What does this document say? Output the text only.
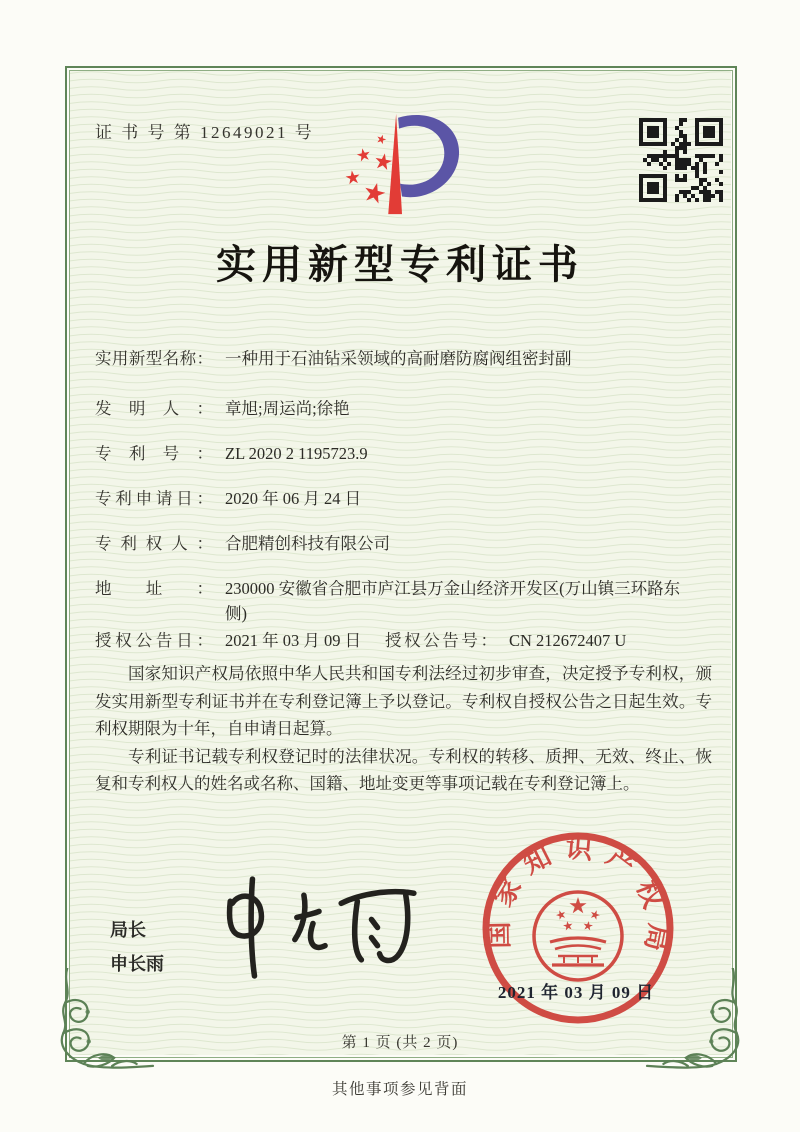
证 书 号 第 12649021 号
实用新型专利证书
实用新型名称： 一种用于石油钻采领域的高耐磨防腐阀组密封副
发明人： 章旭;周运尚;徐艳
专利号： ZL 2020 2 1195723.9
专利申请日： 2020 年 06 月 24 日
专利权人： 合肥精创科技有限公司
地址： 230000 安徽省合肥市庐江县万金山经济开发区(万山镇三环路东侧)
授权公告日： 2021 年 03 月 09 日 授权公告号： CN 212672407 U

国家知识产权局依照中华人民共和国专利法经过初步审查，决定授予专利权，颁发实用新型专利证书并在专利登记簿上予以登记。专利权自授权公告之日起生效。专利权期限为十年，自申请日起算。

专利证书记载专利权登记时的法律状况。专利权的转移、质押、无效、终止、恢复和专利权人的姓名或名称、国籍、地址变更等事项记载在专利登记簿上。

局长
申长雨
国家知识产权局
2021 年 03 月 09 日
第 1 页 (共 2 页)
其他事项参见背面
